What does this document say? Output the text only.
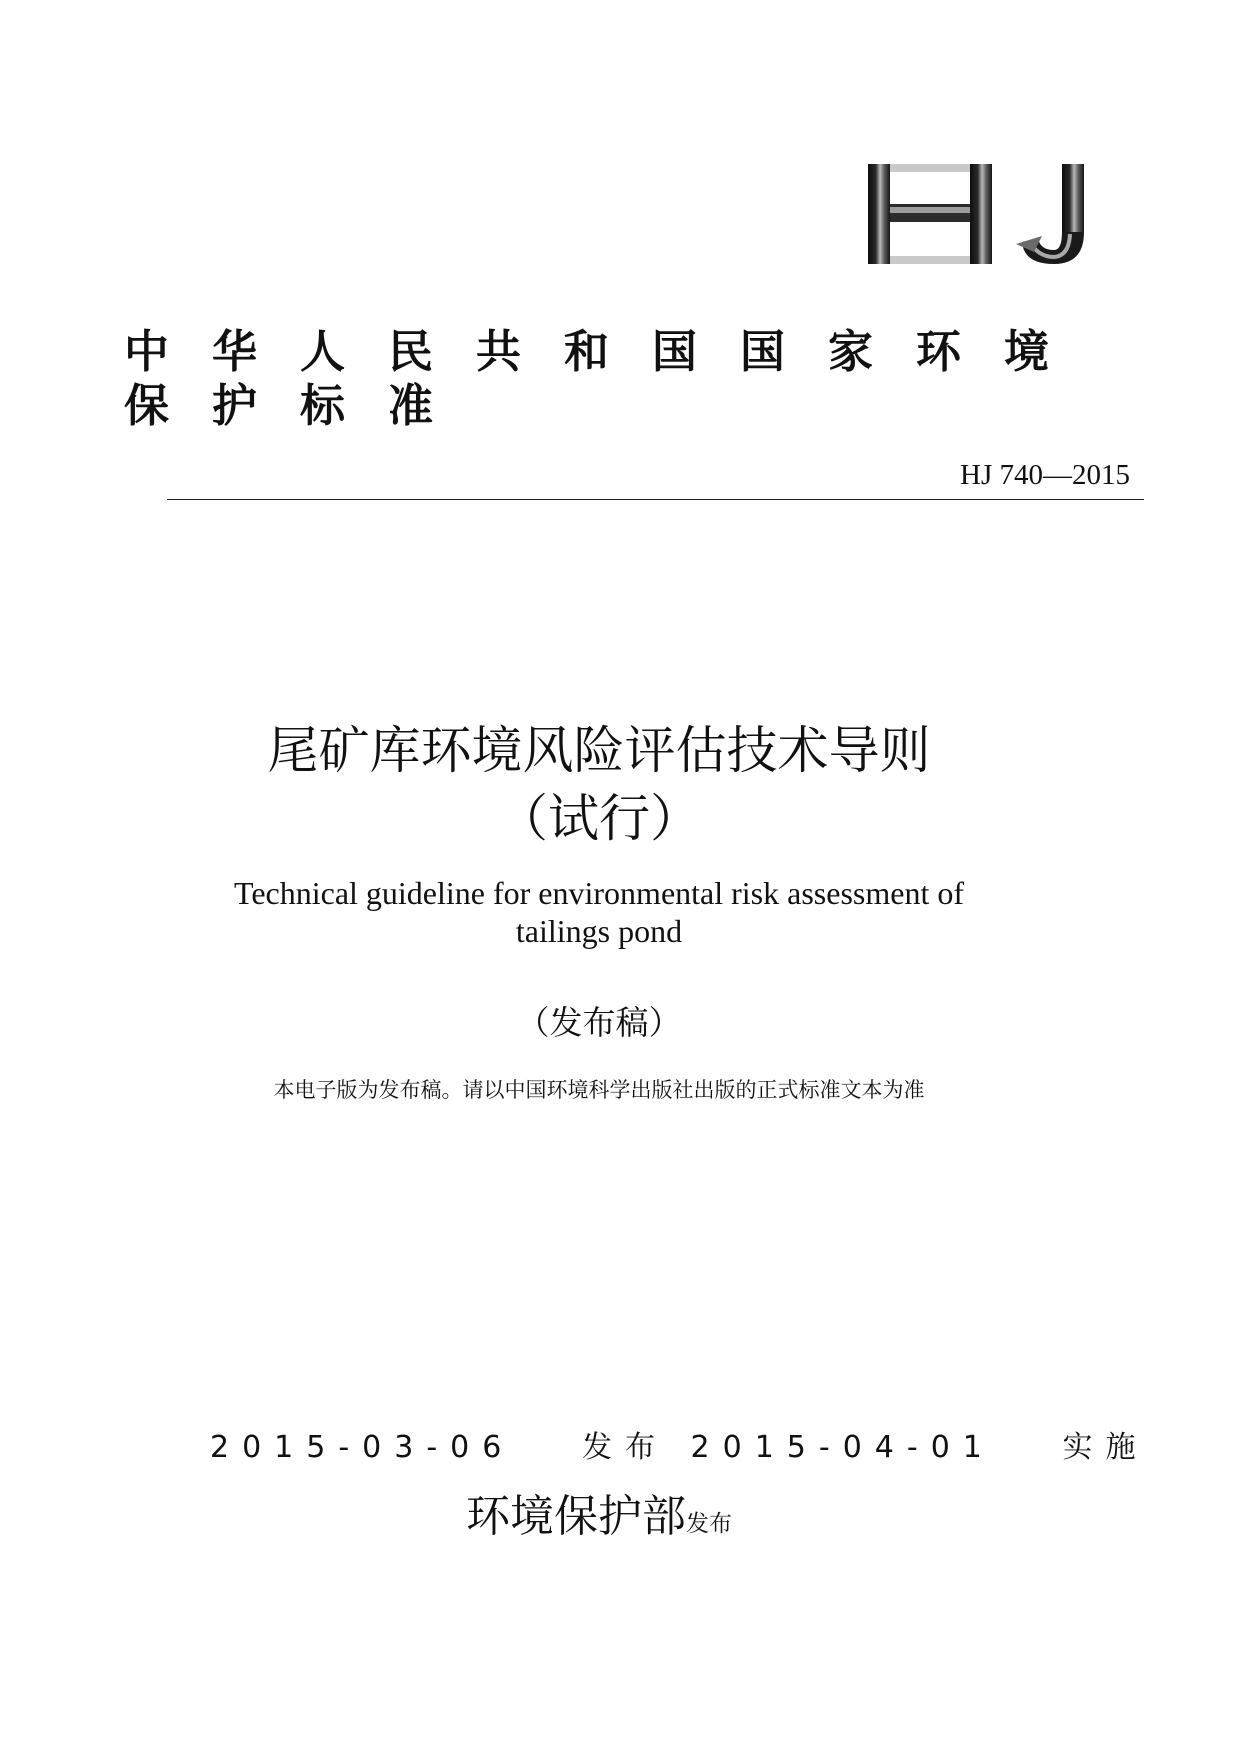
中华人民共和国国家环境保护标准
HJ 740—2015
尾矿库环境风险评估技术导则
（试行）
Technical guideline for environmental risk assessment of
tailings pond
（发布稿）
本电子版为发布稿。请以中国环境科学出版社出版的正式标准文本为准
2015-03-06 发布 2015-04-01 实施
环境保护部发布
